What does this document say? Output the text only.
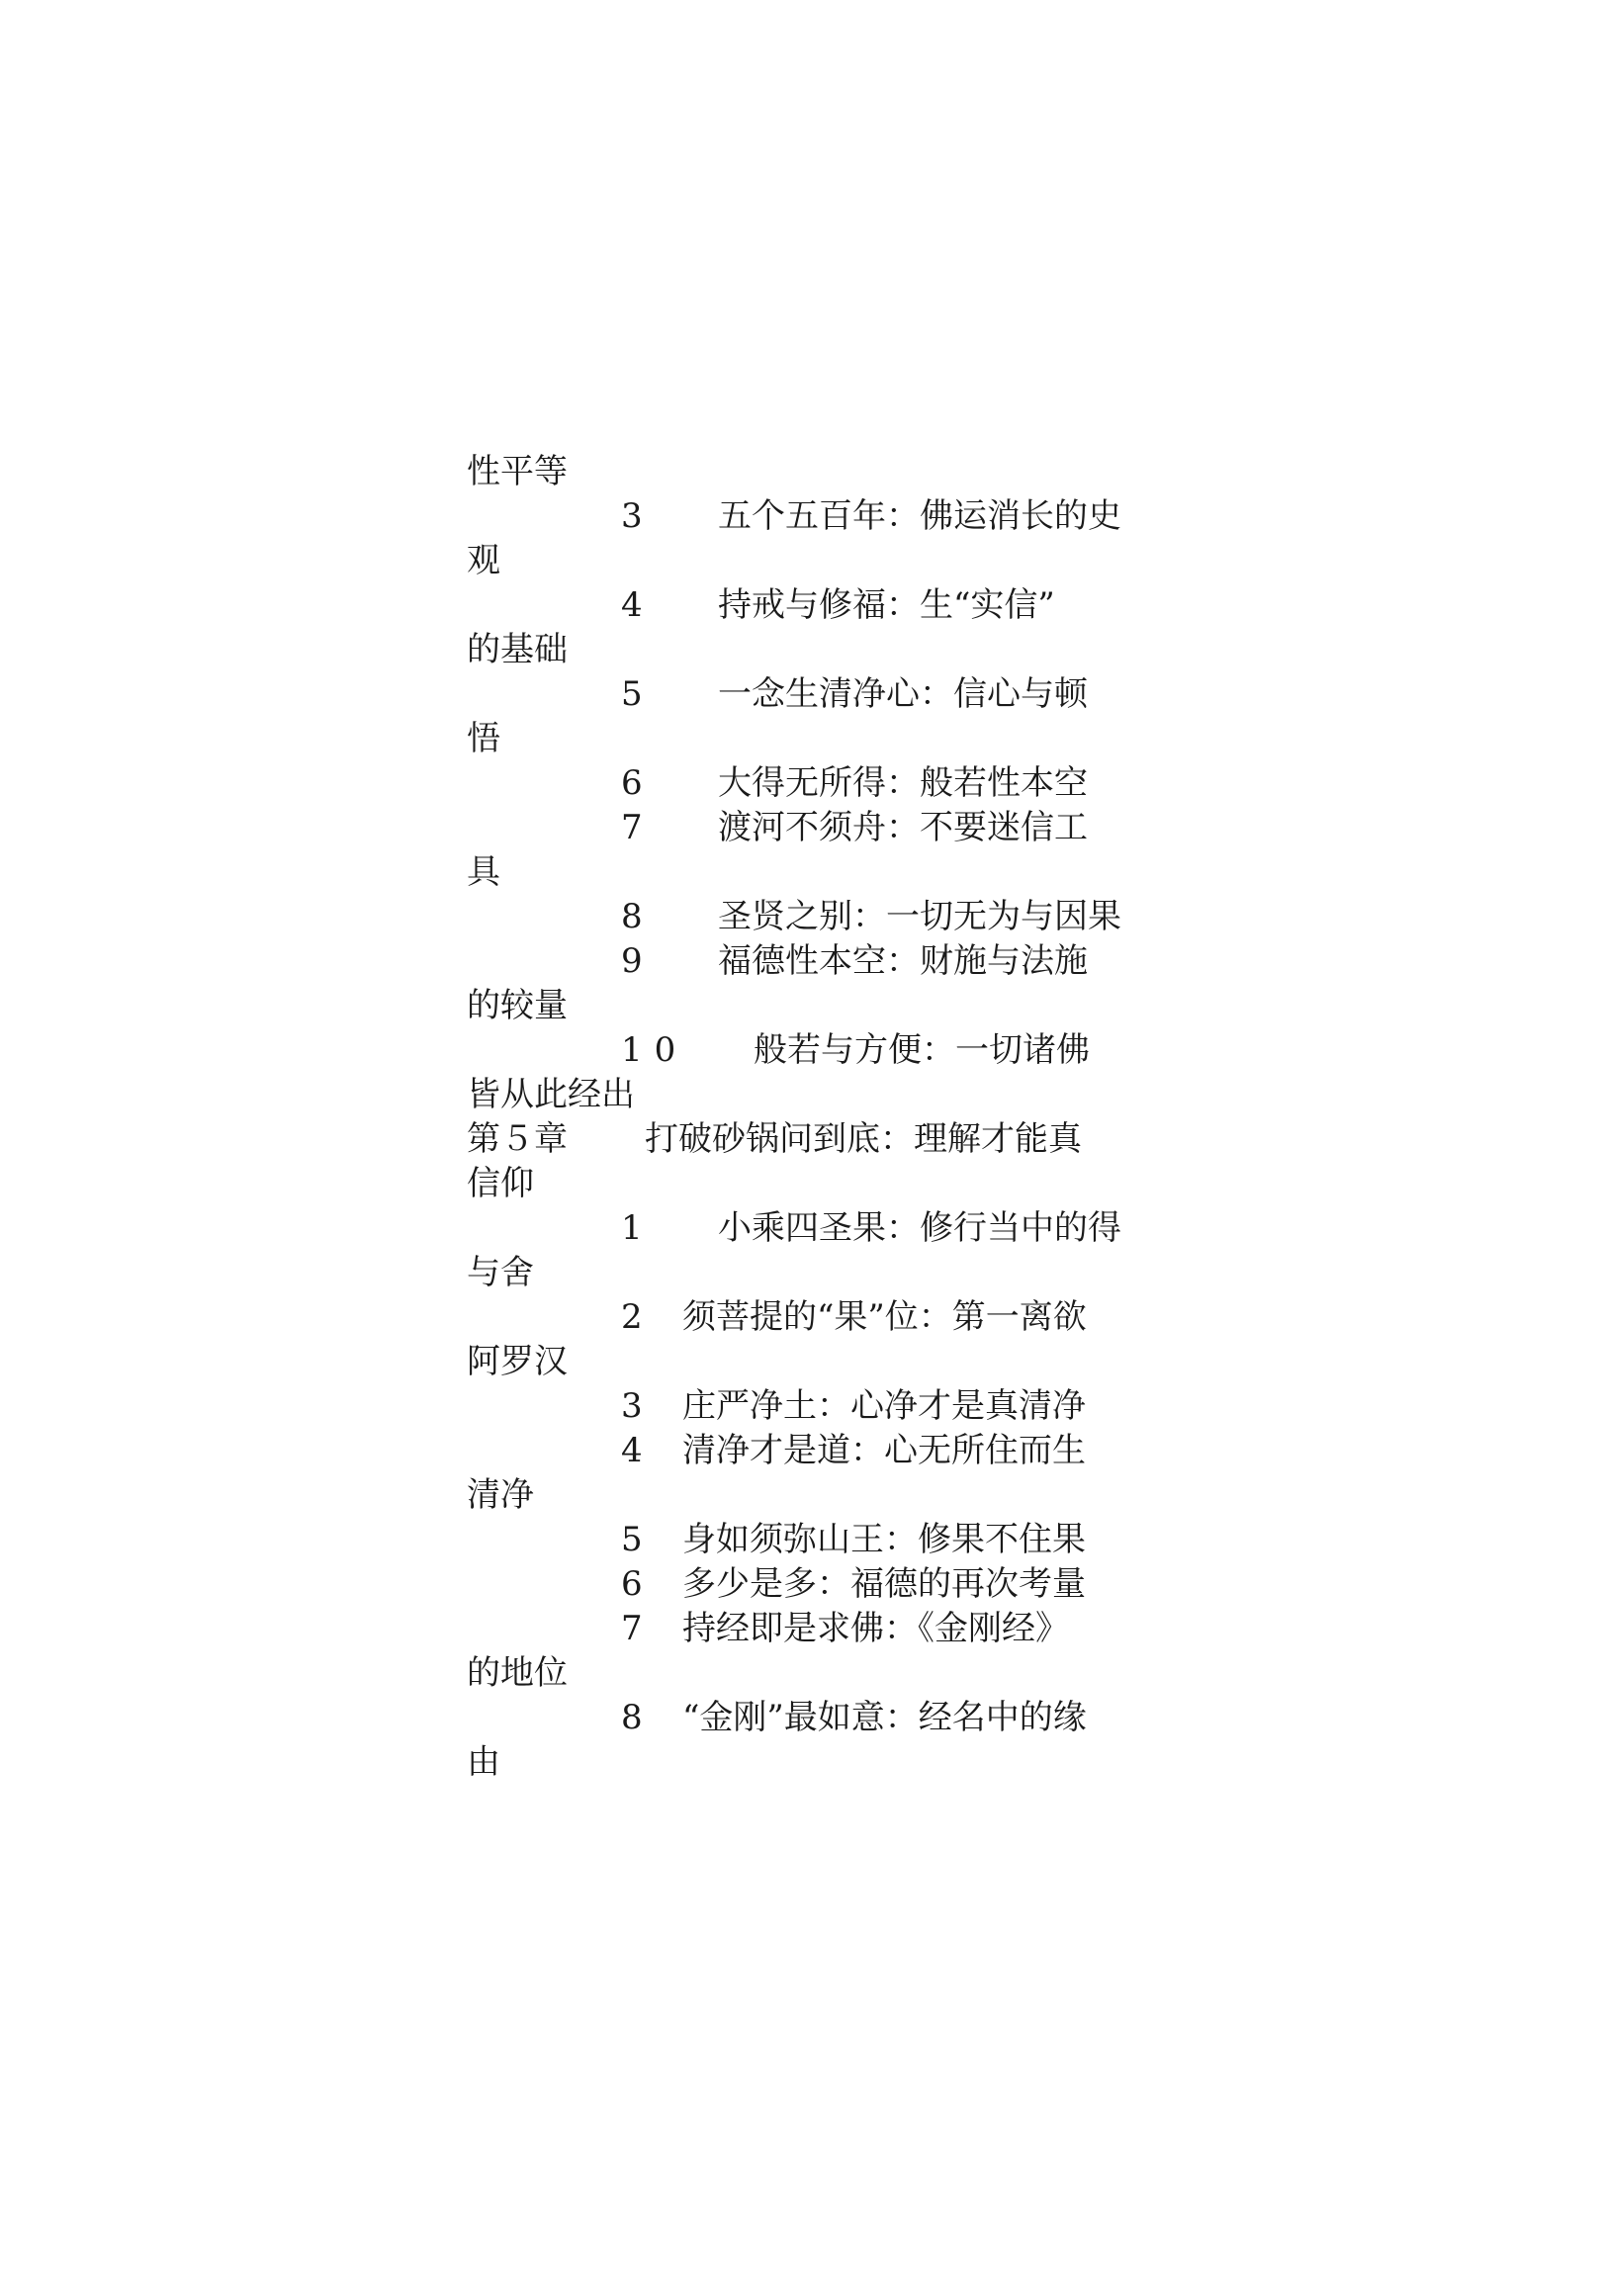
性平等
3 五个五百年：佛运消长的史
观
4 持戒与修福：生“实信”
的基础
5 一念生清净心：信心与顿
悟
6 大得无所得：般若性本空
7 渡河不须舟：不要迷信工
具
8 圣贤之别：一切无为与因果
9 福德性本空：财施与法施
的较量
10 般若与方便：一切诸佛
皆从此经出
第５章 打破砂锅问到底：理解才能真
信仰
1 小乘四圣果：修行当中的得
与舍
2 须菩提的“果”位：第一离欲
阿罗汉
3 庄严净土：心净才是真清净
4 清净才是道：心无所住而生
清净
5 身如须弥山王：修果不住果
6 多少是多：福德的再次考量
7 持经即是求佛：《金刚经》
的地位
8 “金刚”最如意：经名中的缘
由
